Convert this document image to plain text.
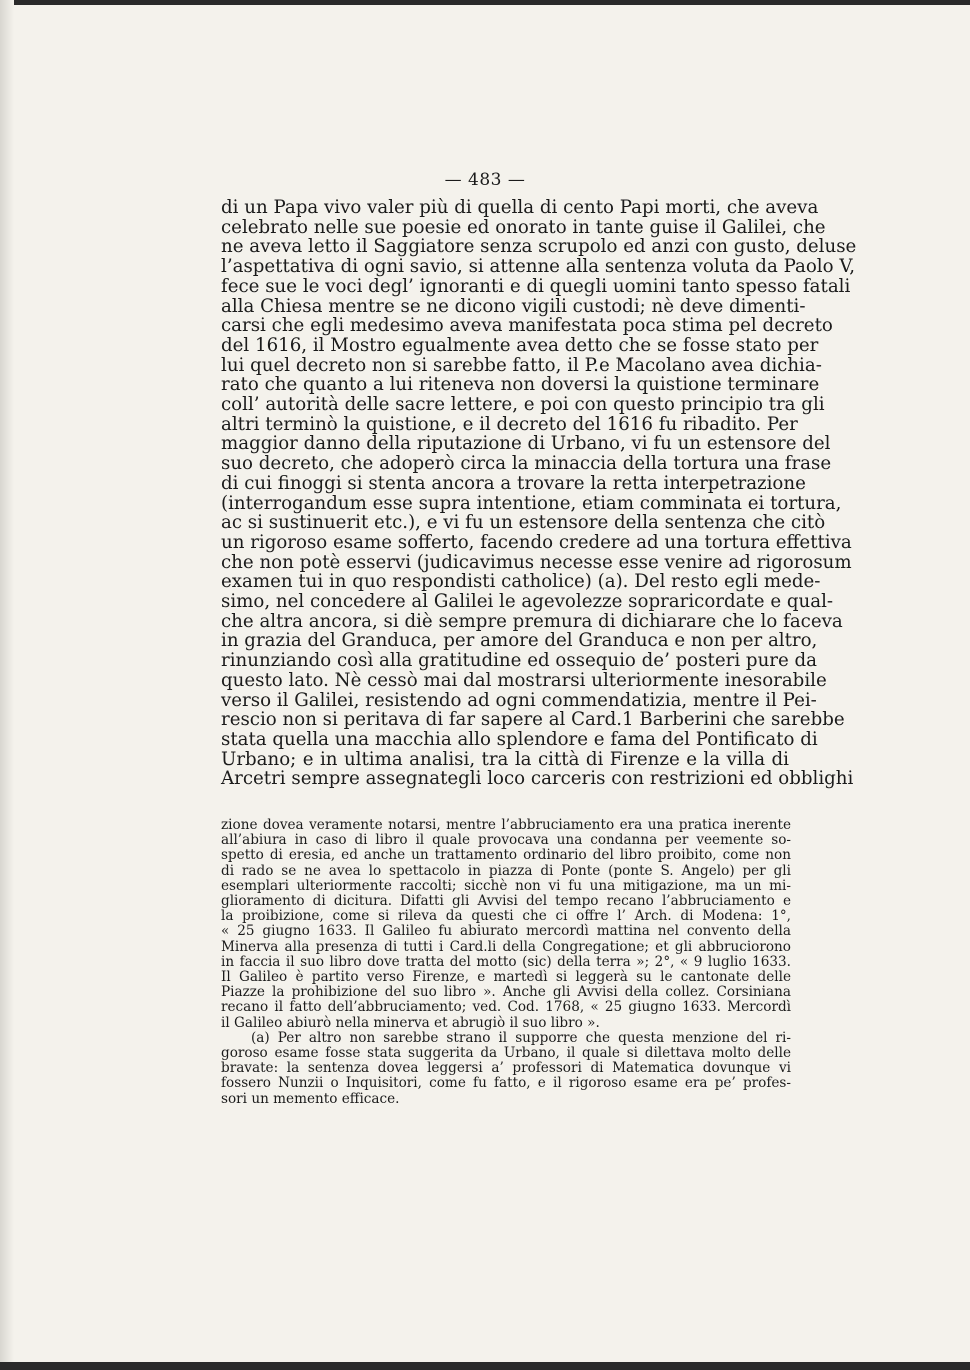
— 483 —
di un Papa vivo valer più di quella di cento Papi morti, che aveva
celebrato nelle sue poesie ed onorato in tante guise il Galilei, che
ne aveva letto il Saggiatore senza scrupolo ed anzi con gusto, deluse
l’aspettativa di ogni savio, si attenne alla sentenza voluta da Paolo V,
fece sue le voci degl’ ignoranti e di quegli uomini tanto spesso fatali
alla Chiesa mentre se ne dicono vigili custodi; nè deve dimenti-
carsi che egli medesimo aveva manifestata poca stima pel decreto
del 1616, il Mostro egualmente avea detto che se fosse stato per
lui quel decreto non si sarebbe fatto, il P.e Macolano avea dichia-
rato che quanto a lui riteneva non doversi la quistione terminare
coll’ autorità delle sacre lettere, e poi con questo principio tra gli
altri terminò la quistione, e il decreto del 1616 fu ribadito. Per
maggior danno della riputazione di Urbano, vi fu un estensore del
suo decreto, che adoperò circa la minaccia della tortura una frase
di cui finoggi si stenta ancora a trovare la retta interpetrazione
(interrogandum esse supra intentione, etiam comminata ei tortura,
ac si sustinuerit etc.), e vi fu un estensore della sentenza che citò
un rigoroso esame sofferto, facendo credere ad una tortura effettiva
che non potè esservi (judicavimus necesse esse venire ad rigorosum
examen tui in quo respondisti catholice) (a). Del resto egli mede-
simo, nel concedere al Galilei le agevolezze sopraricordate e qual-
che altra ancora, si diè sempre premura di dichiarare che lo faceva
in grazia del Granduca, per amore del Granduca e non per altro,
rinunziando così alla gratitudine ed ossequio de’ posteri pure da
questo lato. Nè cessò mai dal mostrarsi ulteriormente inesorabile
verso il Galilei, resistendo ad ogni commendatizia, mentre il Pei-
rescio non si peritava di far sapere al Card.1 Barberini che sarebbe
stata quella una macchia allo splendore e fama del Pontificato di
Urbano; e in ultima analisi, tra la città di Firenze e la villa di
Arcetri sempre assegnategli loco carceris con restrizioni ed obblighi
zione dovea veramente notarsi, mentre l’abbruciamento era una pratica inerente
all’abiura in caso di libro il quale provocava una condanna per veemente so-
spetto di eresia, ed anche un trattamento ordinario del libro proibito, come non
di rado se ne avea lo spettacolo in piazza di Ponte (ponte S. Angelo) per gli
esemplari ulteriormente raccolti; sicchè non vi fu una mitigazione, ma un mi-
glioramento di dicitura. Difatti gli Avvisi del tempo recano l’abbruciamento e
la proibizione, come si rileva da questi che ci offre l’ Arch. di Modena: 1°,
« 25 giugno 1633. Il Galileo fu abiurato mercordì mattina nel convento della
Minerva alla presenza di tutti i Card.li della Congregatione; et gli abbruciorono
in faccia il suo libro dove tratta del motto (sic) della terra »; 2°, « 9 luglio 1633.
Il Galileo è partito verso Firenze, e martedì si leggerà su le cantonate delle
Piazze la prohibizione del suo libro ». Anche gli Avvisi della collez. Corsiniana
recano il fatto dell’abbruciamento; ved. Cod. 1768, « 25 giugno 1633. Mercordì
il Galileo abiurò nella minerva et abrugiò il suo libro ».
(a) Per altro non sarebbe strano il supporre che questa menzione del ri-
goroso esame fosse stata suggerita da Urbano, il quale si dilettava molto delle
bravate: la sentenza dovea leggersi a’ professori di Matematica dovunque vi
fossero Nunzii o Inquisitori, come fu fatto, e il rigoroso esame era pe’ profes-
sori un memento efficace.
